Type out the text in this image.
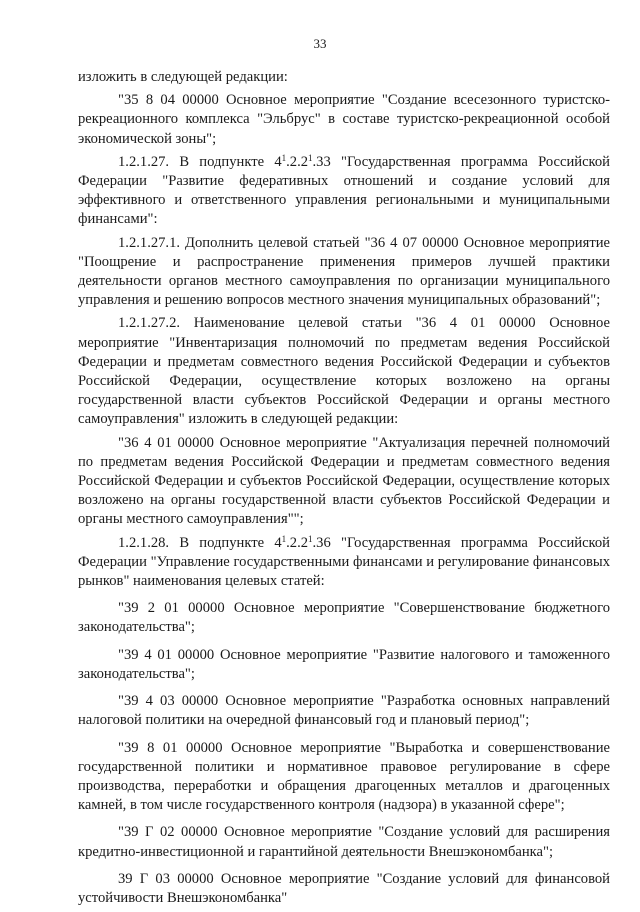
33

изложить в следующей редакции:

"35 8 04 00000 Основное мероприятие "Создание всесезонного туристско-рекреационного комплекса "Эльбрус" в составе туристско-рекреационной особой экономической зоны";

1.2.1.27. В подпункте $4^1.2.2^1.33$ "Государственная программа Российской Федерации "Развитие федеративных отношений и создание условий для эффективного и ответственного управления региональными и муниципальными финансами":

1.2.1.27.1. Дополнить целевой статьей "36 4 07 00000 Основное мероприятие "Поощрение и распространение применения примеров лучшей практики деятельности органов местного самоуправления по организации муниципального управления и решению вопросов местного значения муниципальных образований";

1.2.1.27.2. Наименование целевой статьи "36 4 01 00000 Основное мероприятие "Инвентаризация полномочий по предметам ведения Российской Федерации и предметам совместного ведения Российской Федерации и субъектов Российской Федерации, осуществление которых возложено на органы государственной власти субъектов Российской Федерации и органы местного самоуправления" изложить в следующей редакции:

"36 4 01 00000 Основное мероприятие "Актуализация перечней полномочий по предметам ведения Российской Федерации и предметам совместного ведения Российской Федерации и субъектов Российской Федерации, осуществление которых возложено на органы государственной власти субъектов Российской Федерации и органы местного самоуправления"";

1.2.1.28. В подпункте $4^1.2.2^1.36$ "Государственная программа Российской Федерации "Управление государственными финансами и регулирование финансовых рынков" наименования целевых статей:

"39 2 01 00000 Основное мероприятие "Совершенствование бюджетного законодательства";

"39 4 01 00000 Основное мероприятие "Развитие налогового и таможенного законодательства";

"39 4 03 00000 Основное мероприятие "Разработка основных направлений налоговой политики на очередной финансовый год и плановый период";

"39 8 01 00000 Основное мероприятие "Выработка и совершенствование государственной политики и нормативное правовое регулирование в сфере производства, переработки и обращения драгоценных металлов и драгоценных камней, в том числе государственного контроля (надзора) в указанной сфере";

"39 Г 02 00000 Основное мероприятие "Создание условий для расширения кредитно-инвестиционной и гарантийной деятельности Внешэкономбанка";

39 Г 03 00000 Основное мероприятие "Создание условий для финансовой устойчивости Внешэкономбанка"
